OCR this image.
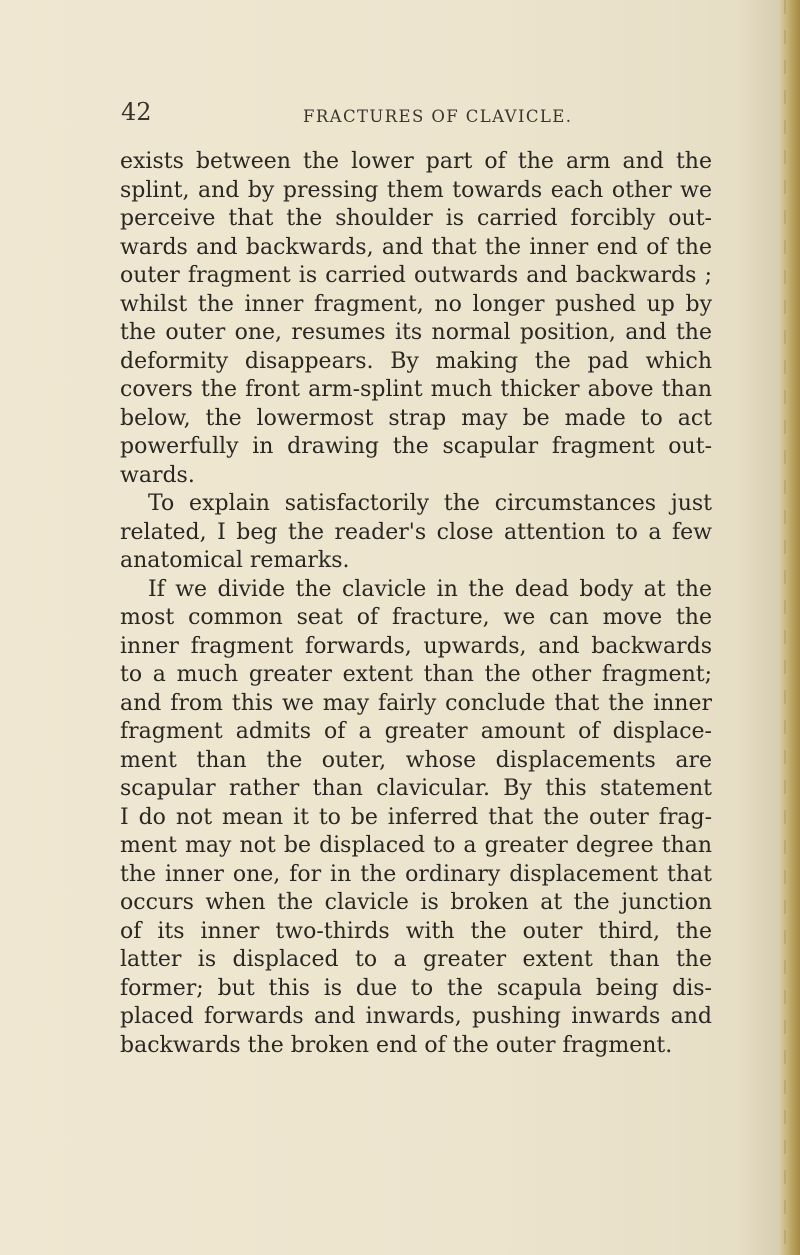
42	FRACTURES OF CLAVICLE.
exists between the lower part of the arm and the
splint, and by pressing them towards each other we
perceive that the shoulder is carried forcibly out-
wards and backwards, and that the inner end of the
outer fragment is carried outwards and backwards ;
whilst the inner fragment, no longer pushed up by
the outer one, resumes its normal position, and the
deformity disappears. By making the pad which
covers the front arm-splint much thicker above than
below, the lowermost strap may be made to act
powerfully in drawing the scapular fragment out-
wards.
To explain satisfactorily the circumstances just
related, I beg the reader's close attention to a few
anatomical remarks.
If we divide the clavicle in the dead body at the
most common seat of fracture, we can move the
inner fragment forwards, upwards, and backwards
to a much greater extent than the other fragment;
and from this we may fairly conclude that the inner
fragment admits of a greater amount of displace-
ment than the outer, whose displacements are
scapular rather than clavicular. By this statement
I do not mean it to be inferred that the outer frag-
ment may not be displaced to a greater degree than
the inner one, for in the ordinary displacement that
occurs when the clavicle is broken at the junction
of its inner two-thirds with the outer third, the
latter is displaced to a greater extent than the
former; but this is due to the scapula being dis-
placed forwards and inwards, pushing inwards and
backwards the broken end of the outer fragment.
